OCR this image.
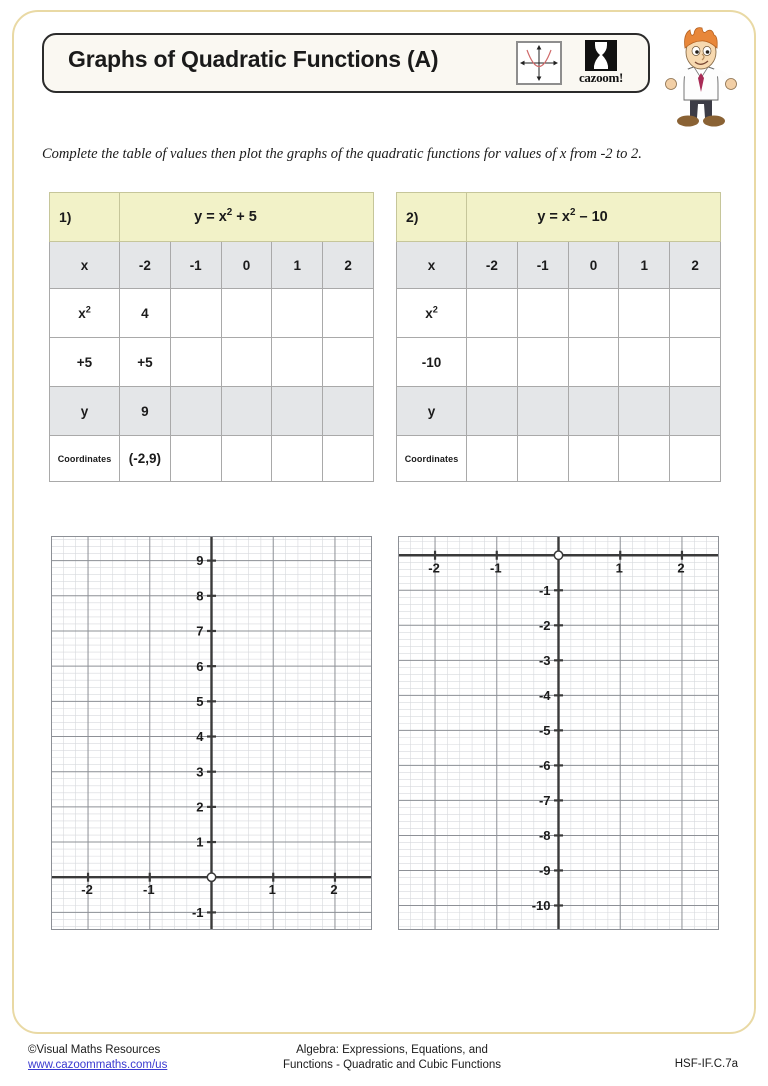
Graphs of Quadratic Functions (A)
cazoom!
Complete the table of values then plot the graphs of the quadratic functions for values of x from -2 to 2.
1)	$y = x^2 + 5$				
x	-2	-1	0	1	2
$x^2$	4				
+5	+5				
y	9				
Coordinates	(-2,9)				
2)	$y = x^2 - 10$				
x	-2	-1	0	1	2
$x^2$					
-10					
y					
Coordinates					
-2	-1	1	2
-1
1
2
3
4
5
6
7
8
9	-2	-1	1	2
-1
-2
-3
-4
-5
-6
-7
-8
-9
-10
©Visual Maths Resources
www.cazoommaths.com/us
Algebra: Expressions, Equations, and
Functions - Quadratic and Cubic Functions	HSF-IF.C.7a
